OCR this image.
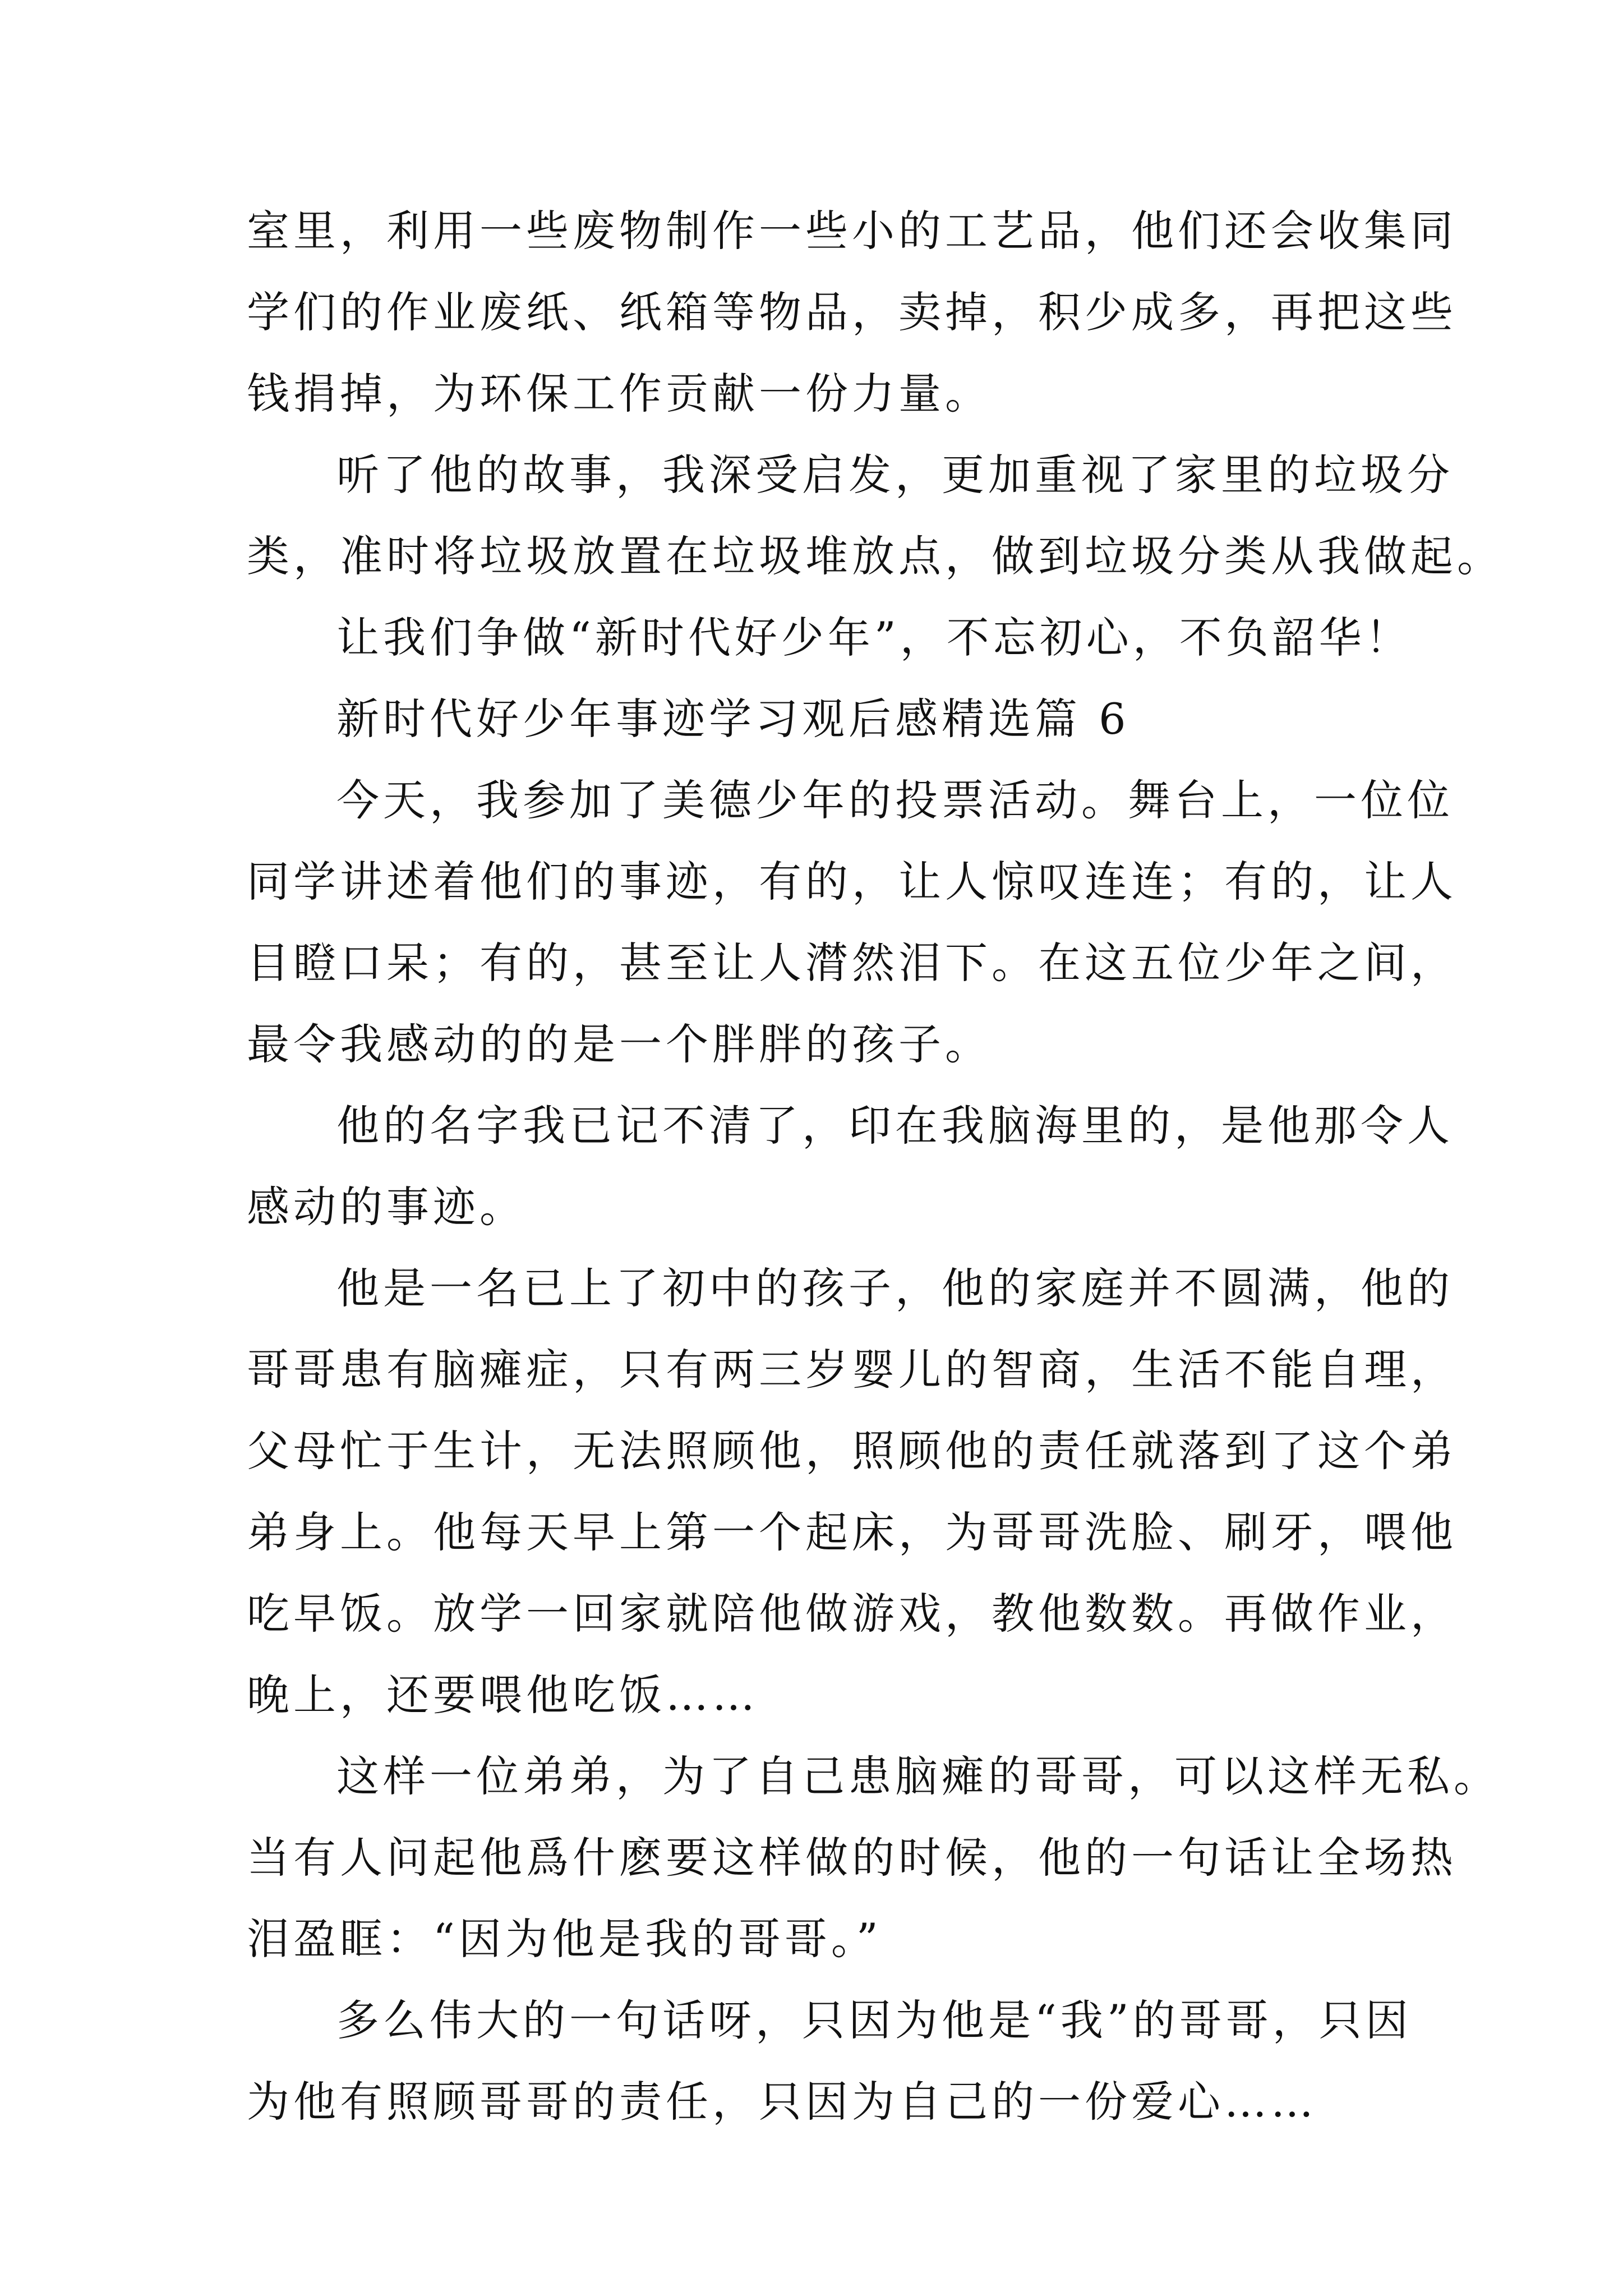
室里，利用一些废物制作一些小的工艺品，他们还会收集同
学们的作业废纸、纸箱等物品，卖掉，积少成多，再把这些
钱捐掉，为环保工作贡献一份力量。
听了他的故事，我深受启发，更加重视了家里的垃圾分
类，准时将垃圾放置在垃圾堆放点，做到垃圾分类从我做起。
让我们争做“新时代好少年”，不忘初心，不负韶华！
新时代好少年事迹学习观后感精选篇 6
今天，我参加了美德少年的投票活动。舞台上，一位位
同学讲述着他们的事迹，有的，让人惊叹连连；有的，让人
目瞪口呆；有的，甚至让人潸然泪下。在这五位少年之间，
最令我感动的的是一个胖胖的孩子。
他的名字我已记不清了，印在我脑海里的，是他那令人
感动的事迹。
他是一名已上了初中的孩子，他的家庭并不圆满，他的
哥哥患有脑瘫症，只有两三岁婴儿的智商，生活不能自理，
父母忙于生计，无法照顾他，照顾他的责任就落到了这个弟
弟身上。他每天早上第一个起床，为哥哥洗脸、刷牙，喂他
吃早饭。放学一回家就陪他做游戏，教他数数。再做作业，
晚上，还要喂他吃饭……
这样一位弟弟，为了自己患脑瘫的哥哥，可以这样无私。
当有人问起他爲什麽要这样做的时候，他的一句话让全场热
泪盈眶：“因为他是我的哥哥。”
多么伟大的一句话呀，只因为他是“我”的哥哥，只因
为他有照顾哥哥的责任，只因为自己的一份爱心……
